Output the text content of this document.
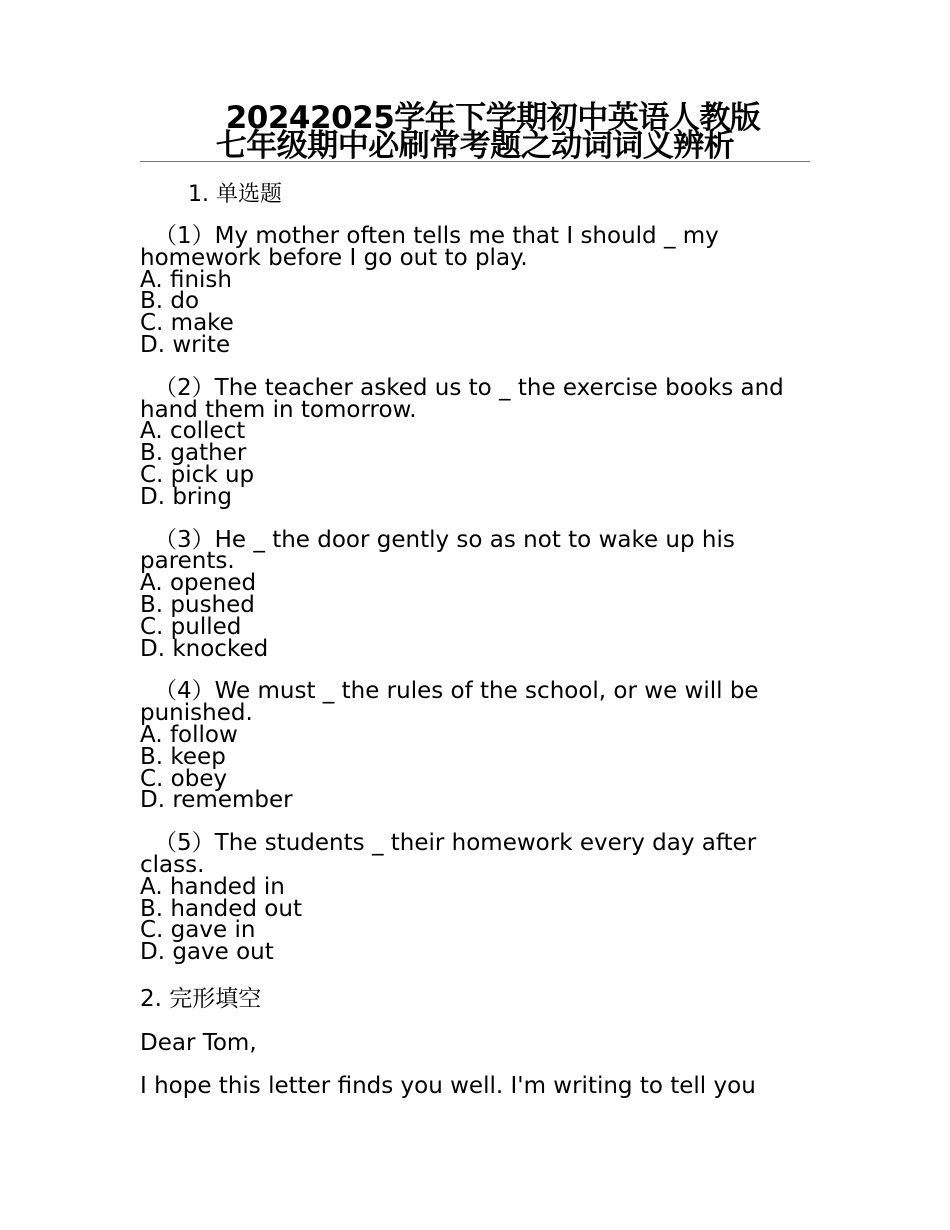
20242025学年下学期初中英语人教版
七年级期中必刷常考题之动词词义辨析
1. 单选题
（1）My mother often tells me that I should _ my homework before I go out to play.
A. finish
B. do
C. make
D. write
（2）The teacher asked us to _ the exercise books and hand them in tomorrow.
A. collect
B. gather
C. pick up
D. bring
（3）He _ the door gently so as not to wake up his parents.
A. opened
B. pushed
C. pulled
D. knocked
（4）We must _ the rules of the school, or we will be punished.
A. follow
B. keep
C. obey
D. remember
（5）The students _ their homework every day after class.
A. handed in
B. handed out
C. gave in
D. gave out
2. 完形填空
Dear Tom,
I hope this letter finds you well. I'm writing to tell you
